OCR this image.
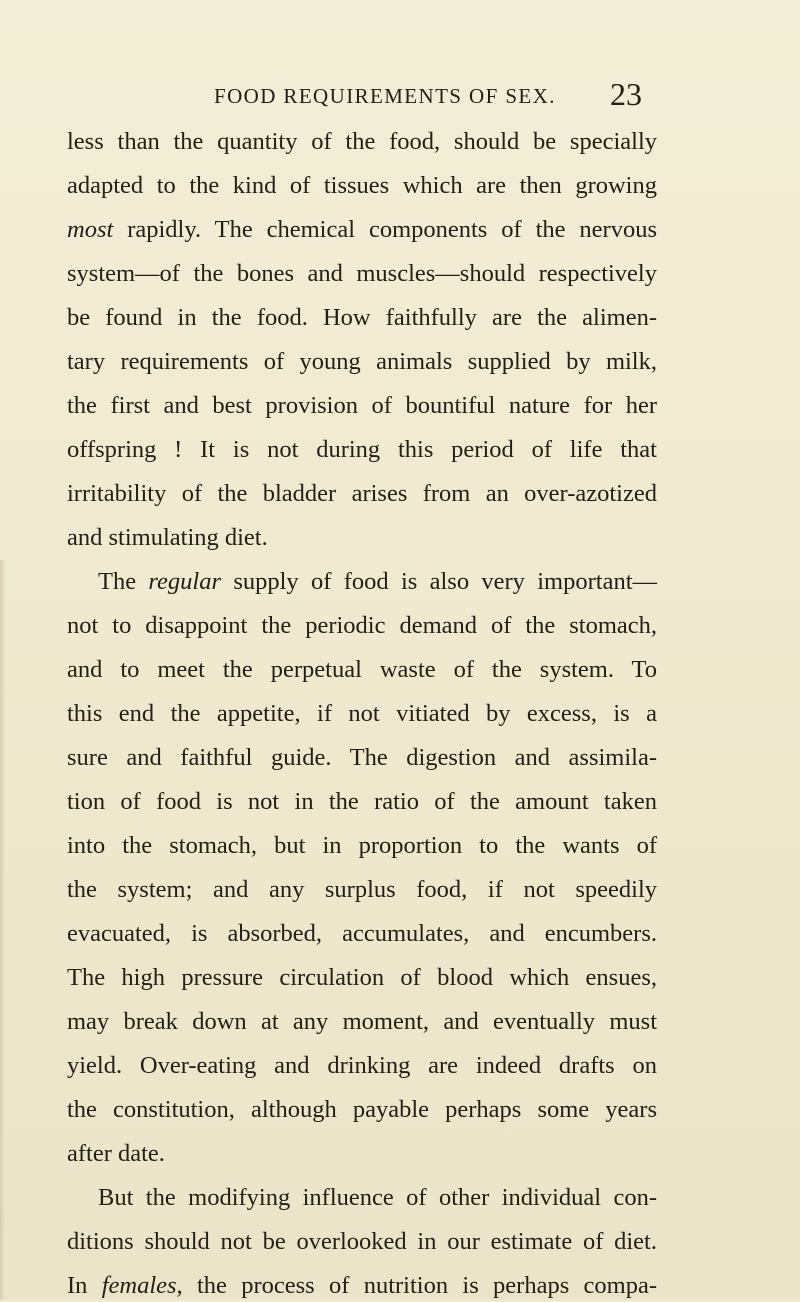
FOOD REQUIREMENTS OF SEX. 23
less than the quantity of the food, should be specially
adapted to the kind of tissues which are then growing
most rapidly. The chemical components of the nervous
system—of the bones and muscles—should respectively
be found in the food. How faithfully are the alimen-
tary requirements of young animals supplied by milk,
the first and best provision of bountiful nature for her
offspring ! It is not during this period of life that
irritability of the bladder arises from an over-azotized
and stimulating diet.
The regular supply of food is also very important—
not to disappoint the periodic demand of the stomach,
and to meet the perpetual waste of the system. To
this end the appetite, if not vitiated by excess, is a
sure and faithful guide. The digestion and assimila-
tion of food is not in the ratio of the amount taken
into the stomach, but in proportion to the wants of
the system; and any surplus food, if not speedily
evacuated, is absorbed, accumulates, and encumbers.
The high pressure circulation of blood which ensues,
may break down at any moment, and eventually must
yield. Over-eating and drinking are indeed drafts on
the constitution, although payable perhaps some years
after date.
But the modifying influence of other individual con-
ditions should not be overlooked in our estimate of diet.
In females, the process of nutrition is perhaps compa-
